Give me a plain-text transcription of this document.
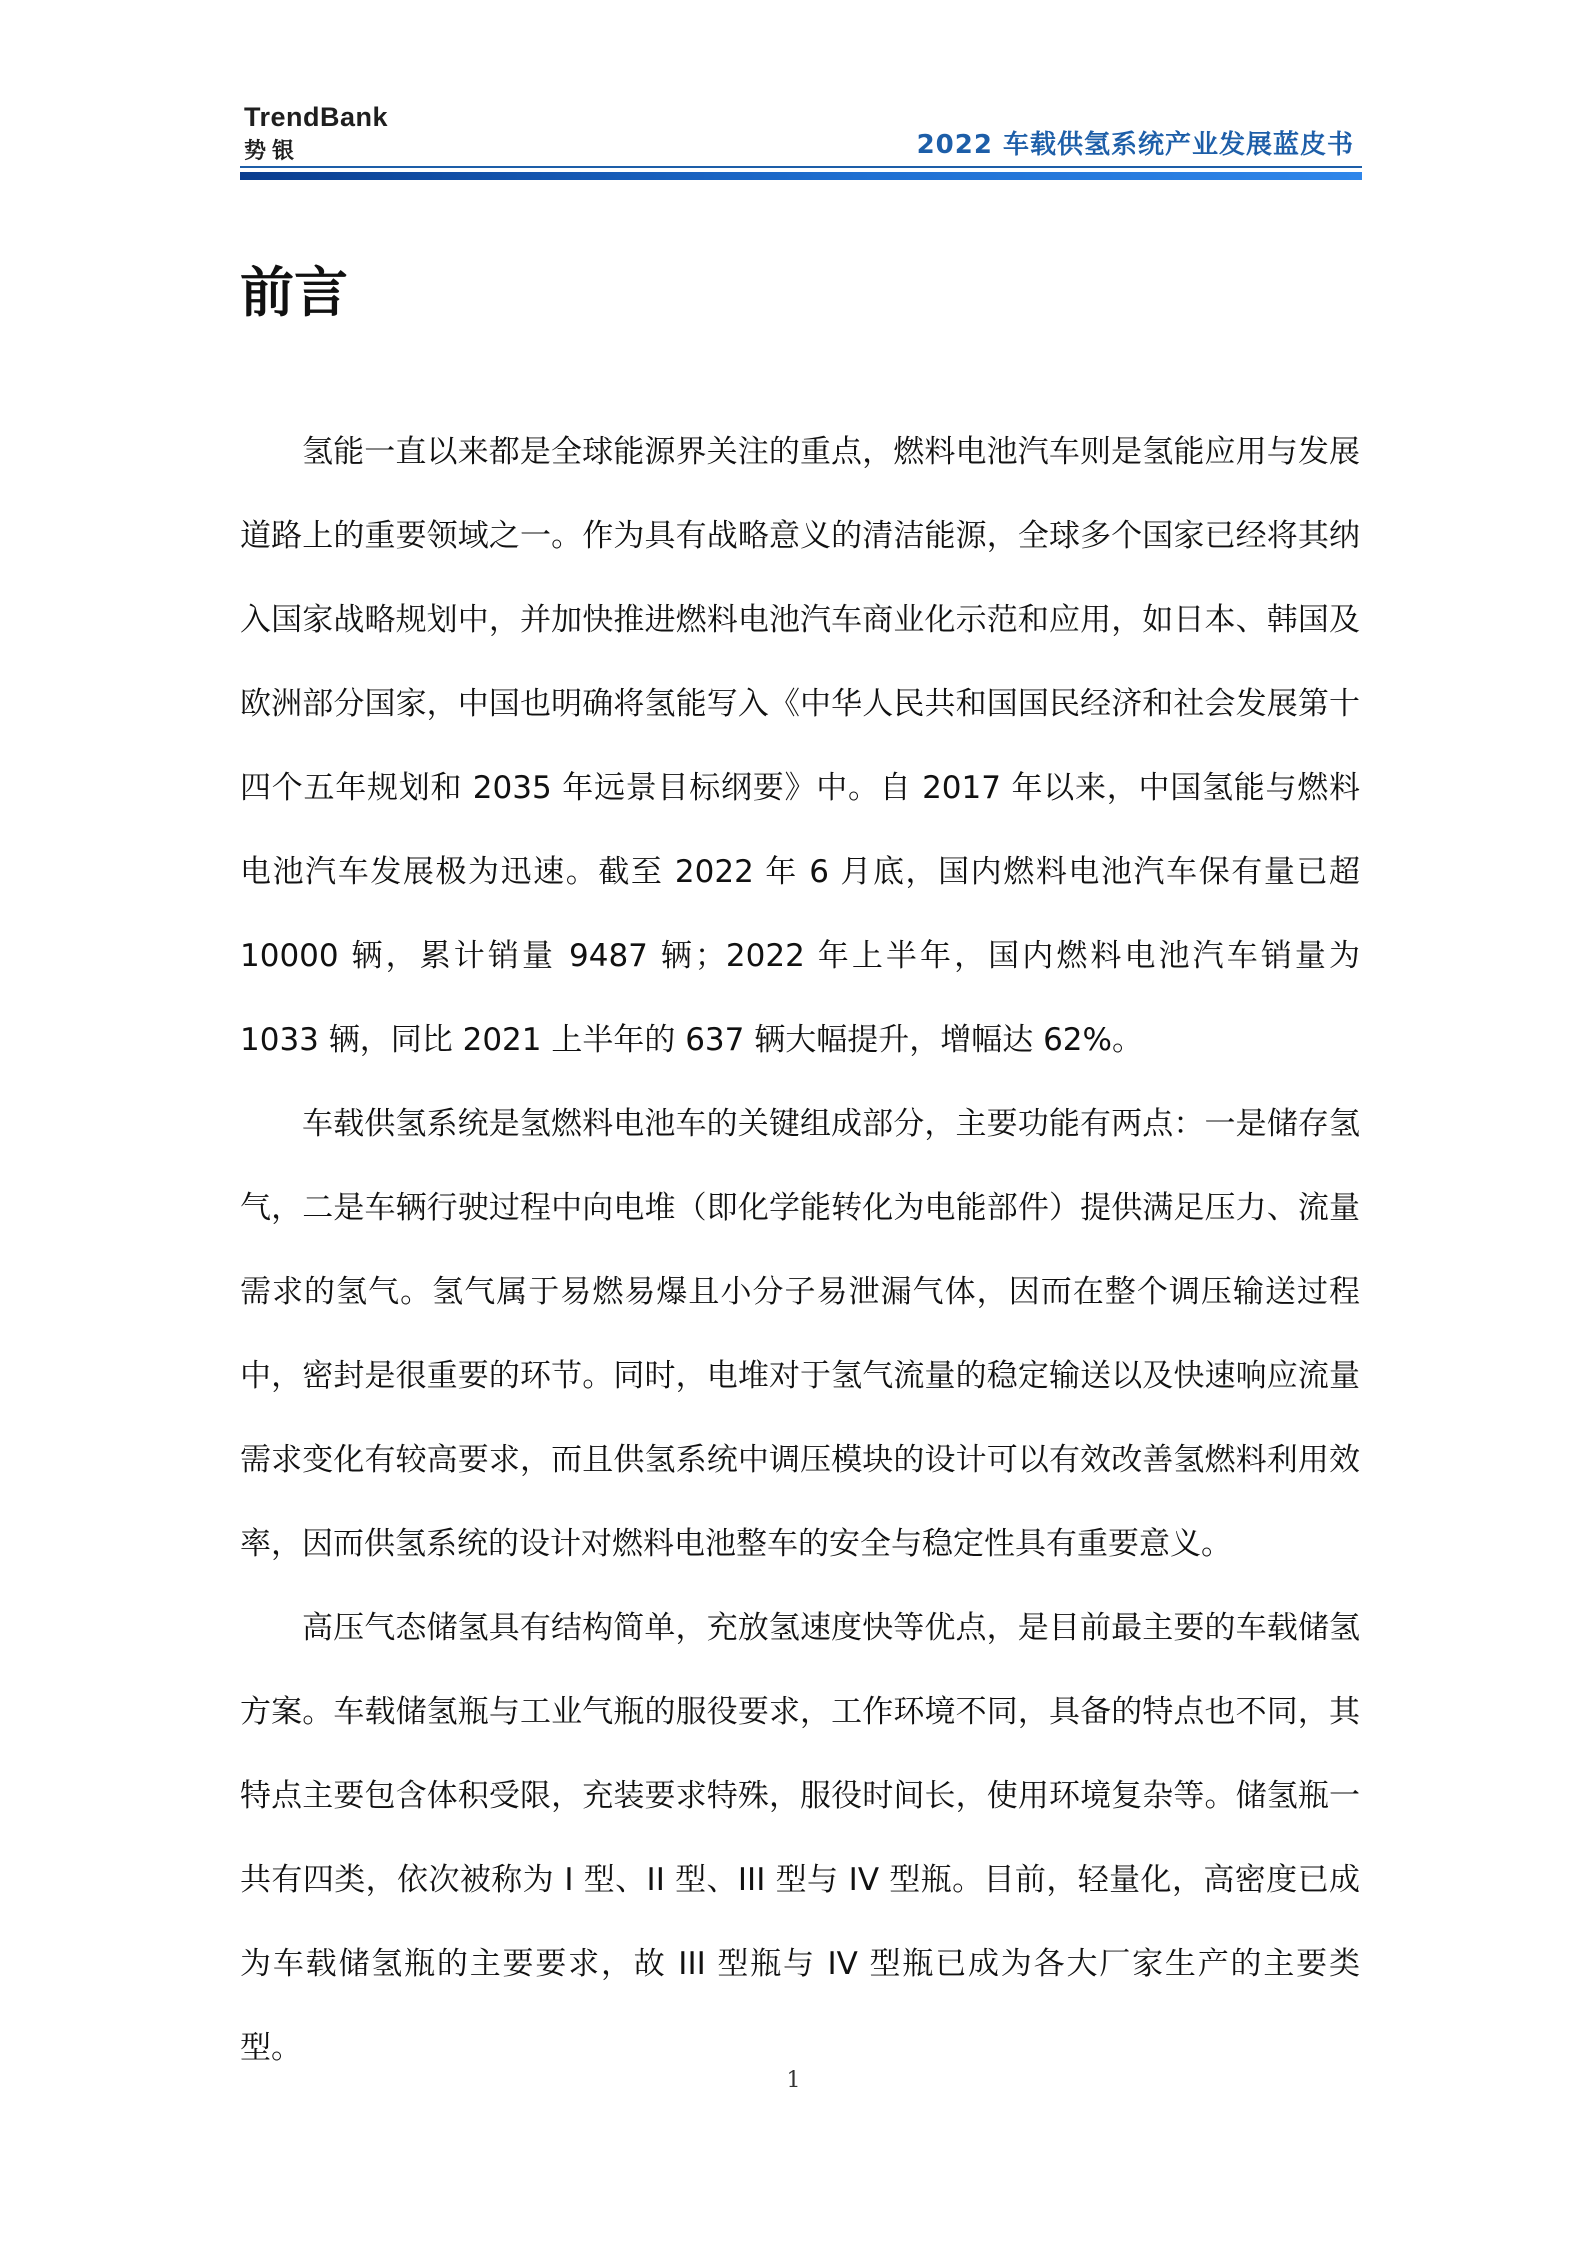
TrendBank
势银	2022 车载供氢系统产业发展蓝皮书
前言

氢能一直以来都是全球能源界关注的重点，燃料电池汽车则是氢能应用与发展道路上的重要领域之一。作为具有战略意义的清洁能源，全球多个国家已经将其纳入国家战略规划中，并加快推进燃料电池汽车商业化示范和应用，如日本、韩国及欧洲部分国家，中国也明确将氢能写入《中华人民共和国国民经济和社会发展第十四个五年规划和 2035 年远景目标纲要》中。自 2017 年以来，中国氢能与燃料电池汽车发展极为迅速。截至 2022 年 6 月底，国内燃料电池汽车保有量已超 10000 辆，累计销量 9487 辆；2022 年上半年，国内燃料电池汽车销量为 1033 辆，同比 2021 上半年的 637 辆大幅提升，增幅达 62%。

车载供氢系统是氢燃料电池车的关键组成部分，主要功能有两点：一是储存氢气，二是车辆行驶过程中向电堆（即化学能转化为电能部件）提供满足压力、流量需求的氢气。氢气属于易燃易爆且小分子易泄漏气体，因而在整个调压输送过程中，密封是很重要的环节。同时，电堆对于氢气流量的稳定输送以及快速响应流量需求变化有较高要求，而且供氢系统中调压模块的设计可以有效改善氢燃料利用效率，因而供氢系统的设计对燃料电池整车的安全与稳定性具有重要意义。

高压气态储氢具有结构简单，充放氢速度快等优点，是目前最主要的车载储氢方案。车载储氢瓶与工业气瓶的服役要求，工作环境不同，具备的特点也不同，其特点主要包含体积受限，充装要求特殊，服役时间长，使用环境复杂等。储氢瓶一共有四类，依次被称为 I 型、II 型、III 型与 IV 型瓶。目前，轻量化，高密度已成为车载储氢瓶的主要要求，故 III 型瓶与 IV 型瓶已成为各大厂家生产的主要类型。

1
